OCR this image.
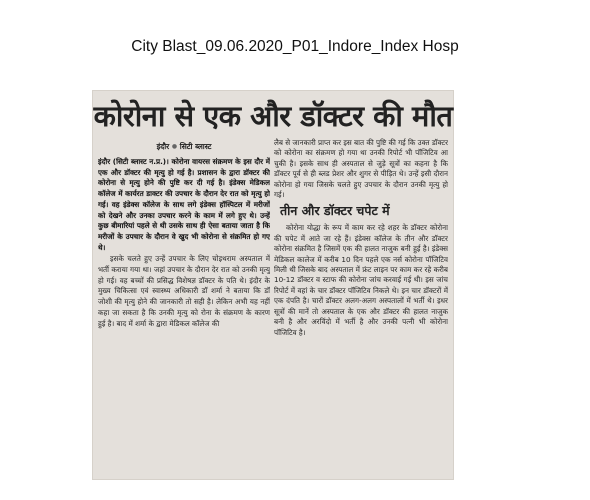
City Blast_09.06.2020_P01_Indore_Index Hosp
कोरोना से एक और डॉक्टर की मौत
इंदौर ● सिटी ब्लास्ट

इंदौर (सिटी ब्लास्ट न.प्र.)। कोरोना वायरस संक्रमण के इस दौर में एक और डॉक्टर की मृत्यु हो गई है। प्रशासन के द्वारा डॉक्टर की कोरोना से मृत्यु होने की पुष्टि कर दी गई है। इंडेक्स मेडिकल कॉलेज में कार्यरत डाक्टर की उपचार के दौरान देर रात को मृत्यु हो गई। वह इंडेक्स कॉलेज के साथ लगे इंडेक्स हॉस्पिटल में मरीजों को देखने और उनका उपचार करने के काम में लगे हुए थे। उन्हें कुछ बीमारियां पहले से थी उसके साथ ही ऐसा बताया जाता है कि मरीजों के उपचार के दौरान वे खुद भी कोरोना से संक्रमित हो गए थे।

इसके चलते हुए उन्हें उपचार के लिए चोइथराम अस्पताल में भर्ती कराया गया था। जहां उपचार के दौरान देर रात को उनकी मृत्यु हो गई। वह बच्चों की प्रसिद्ध विशेषज्ञ डॉक्टर के पति थे। इंदौर के मुख्य चिकित्सा एवं स्वास्थ्य अधिकारी डॉ शर्मा ने बताया कि डॉ जोशी की मृत्यु होने की जानकारी तो सही है। लेकिन अभी यह नहीं कहा जा सकता है कि उनकी मृत्यु को रोना के संक्रमण के कारण हुई है। बाद में शर्मा के द्वारा मेडिकल कॉलेज की

लैब से जानकारी प्राप्त कर इस बात की पुष्टि की गई कि उक्त डॉक्टर को कोरोना का संक्रमण हो गया था उनकी रिपोर्ट भी पॉजिटिव आ चुकी है। इसके साथ ही अस्पताल से जुड़े सूत्रों का कहना है कि डॉक्टर पूर्व से ही ब्लड प्रेशर और शुगर से पीड़ित थे। उन्हें इसी दौरान कोरोना हो गया जिसके चलते हुए उपचार के दौरान उनकी मृत्यु हो गई।

तीन और डॉक्टर चपेट में

कोरोना योद्धा के रूप में काम कर रहे शहर के डॉक्टर कोरोना की चपेट में आते जा रहे हैं। इंडेक्स कॉलेज के तीन और डॉक्टर कोरोना संक्रमित है जिसमें एक की हालत नाजुक बनी हुई है। इंडेक्स मेडिकल कालेज में करीब 10 दिन पहले एक नर्स कोरोना पॉजिटिव मिली थी जिसके बाद अस्पताल में फ्रंट लाइन पर काम कर रहे करीब 10-12 डॉक्टर व स्टाफ की कोरोना जांच करवाई गई थी। इस जांच रिपोर्ट में वहां के चार डॉक्टर पॉजिटिव निकले थे। इन चार डॉक्टरों में एक दंपति है। चारों डॉक्टर अलग-अलग अस्पतालों में भर्ती थे। इधर सूत्रों की मानें तो अस्पताल के एक और डॉक्टर की हालत नाजुक बनी है और अरविंदो में भर्ती है और उनकी पत्नी भी कोरोना पॉजिटिव है।
